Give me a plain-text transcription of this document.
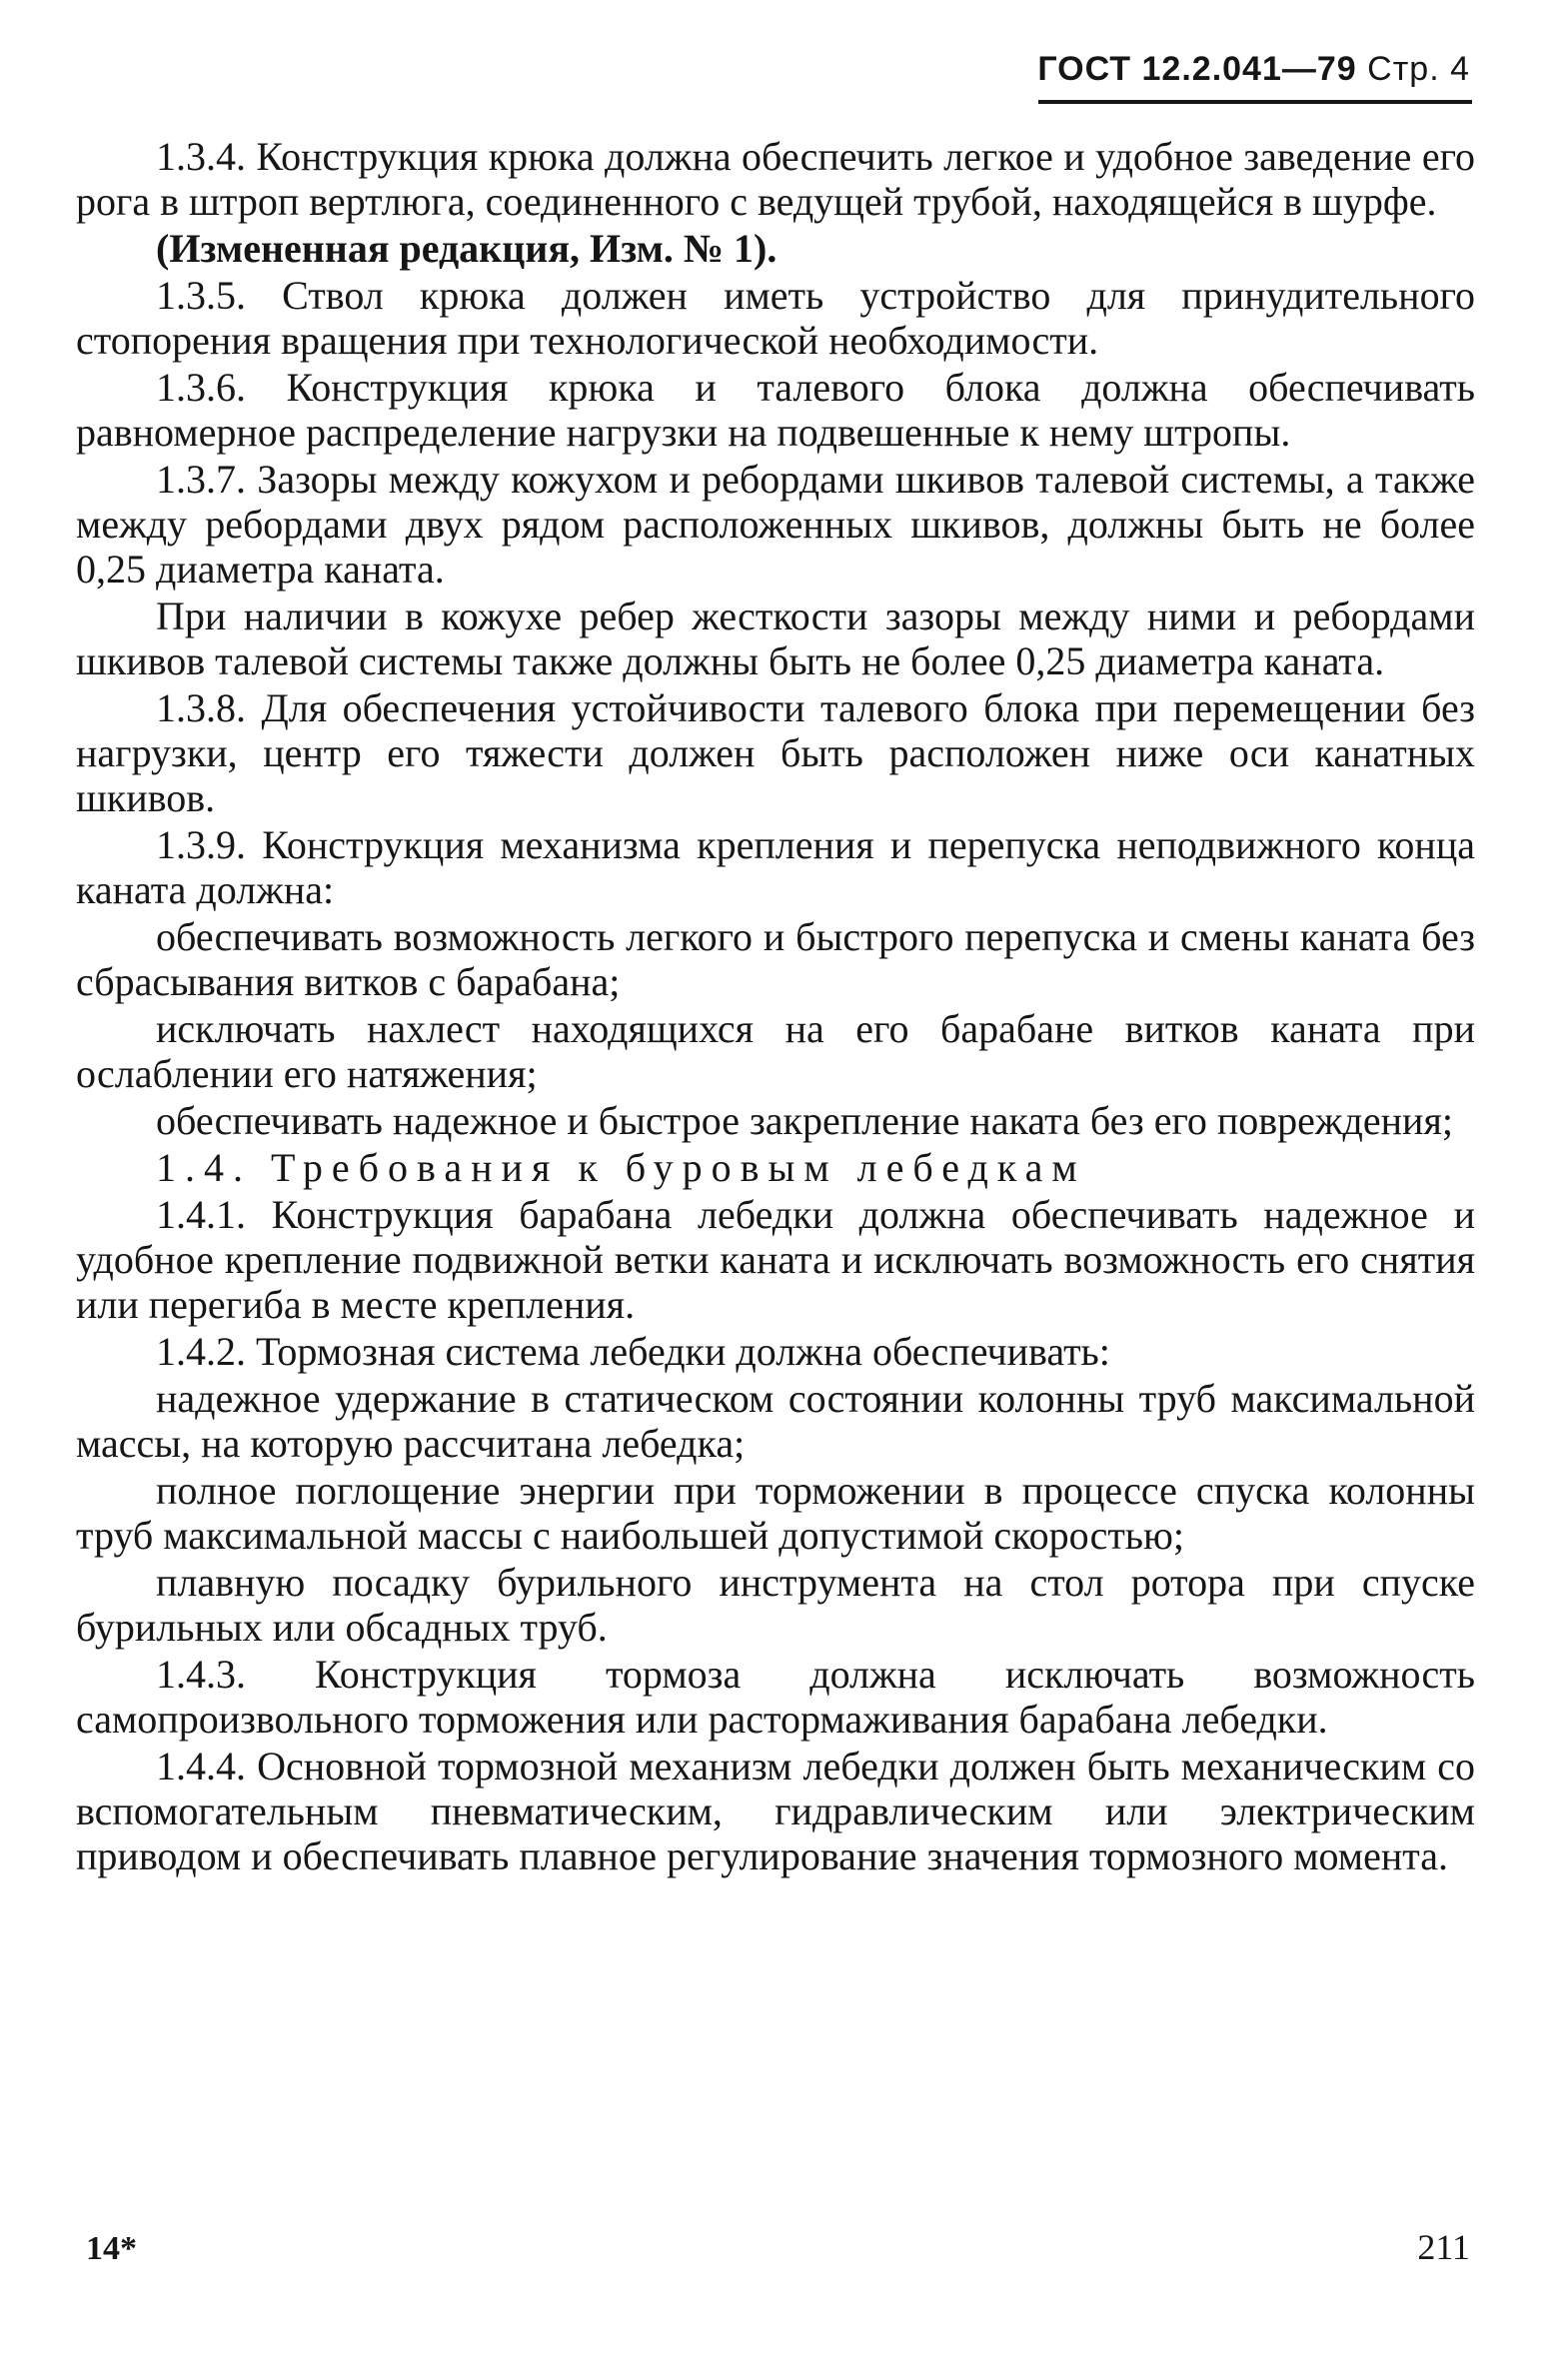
ГОСТ 12.2.041—79 Стр. 4

1.3.4. Конструкция крюка должна обеспечить легкое и удобное заведение его рога в штроп вертлюга, соединенного с ведущей трубой, находящейся в шурфе.

(Измененная редакция, Изм. № 1).

1.3.5. Ствол крюка должен иметь устройство для принудительного стопорения вращения при технологической необходимости.

1.3.6. Конструкция крюка и талевого блока должна обеспечивать равномерное распределение нагрузки на подвешенные к нему штропы.

1.3.7. Зазоры между кожухом и ребордами шкивов талевой системы, а также между ребордами двух рядом расположенных шкивов, должны быть не более 0,25 диаметра каната.

При наличии в кожухе ребер жесткости зазоры между ними и ребордами шкивов талевой системы также должны быть не более 0,25 диаметра каната.

1.3.8. Для обеспечения устойчивости талевого блока при перемещении без нагрузки, центр его тяжести должен быть расположен ниже оси канатных шкивов.

1.3.9. Конструкция механизма крепления и перепуска неподвижного конца каната должна:

обеспечивать возможность легкого и быстрого перепуска и смены каната без сбрасывания витков с барабана;

исключать нахлест находящихся на его барабане витков каната при ослаблении его натяжения;

обеспечивать надежное и быстрое закрепление наката без его повреждения;

1.4. Требования к буровым лебедкам

1.4.1. Конструкция барабана лебедки должна обеспечивать надежное и удобное крепление подвижной ветки каната и исключать возможность его снятия или перегиба в месте крепления.

1.4.2. Тормозная система лебедки должна обеспечивать:

надежное удержание в статическом состоянии колонны труб максимальной массы, на которую рассчитана лебедка;

полное поглощение энергии при торможении в процессе спуска колонны труб максимальной массы с наибольшей допустимой скоростью;

плавную посадку бурильного инструмента на стол ротора при спуске бурильных или обсадных труб.

1.4.3. Конструкция тормоза должна исключать возможность самопроизвольного торможения или растормаживания барабана лебедки.

1.4.4. Основной тормозной механизм лебедки должен быть механическим со вспомогательным пневматическим, гидравлическим или электрическим приводом и обеспечивать плавное регулирование значения тормозного момента.

14*	211
